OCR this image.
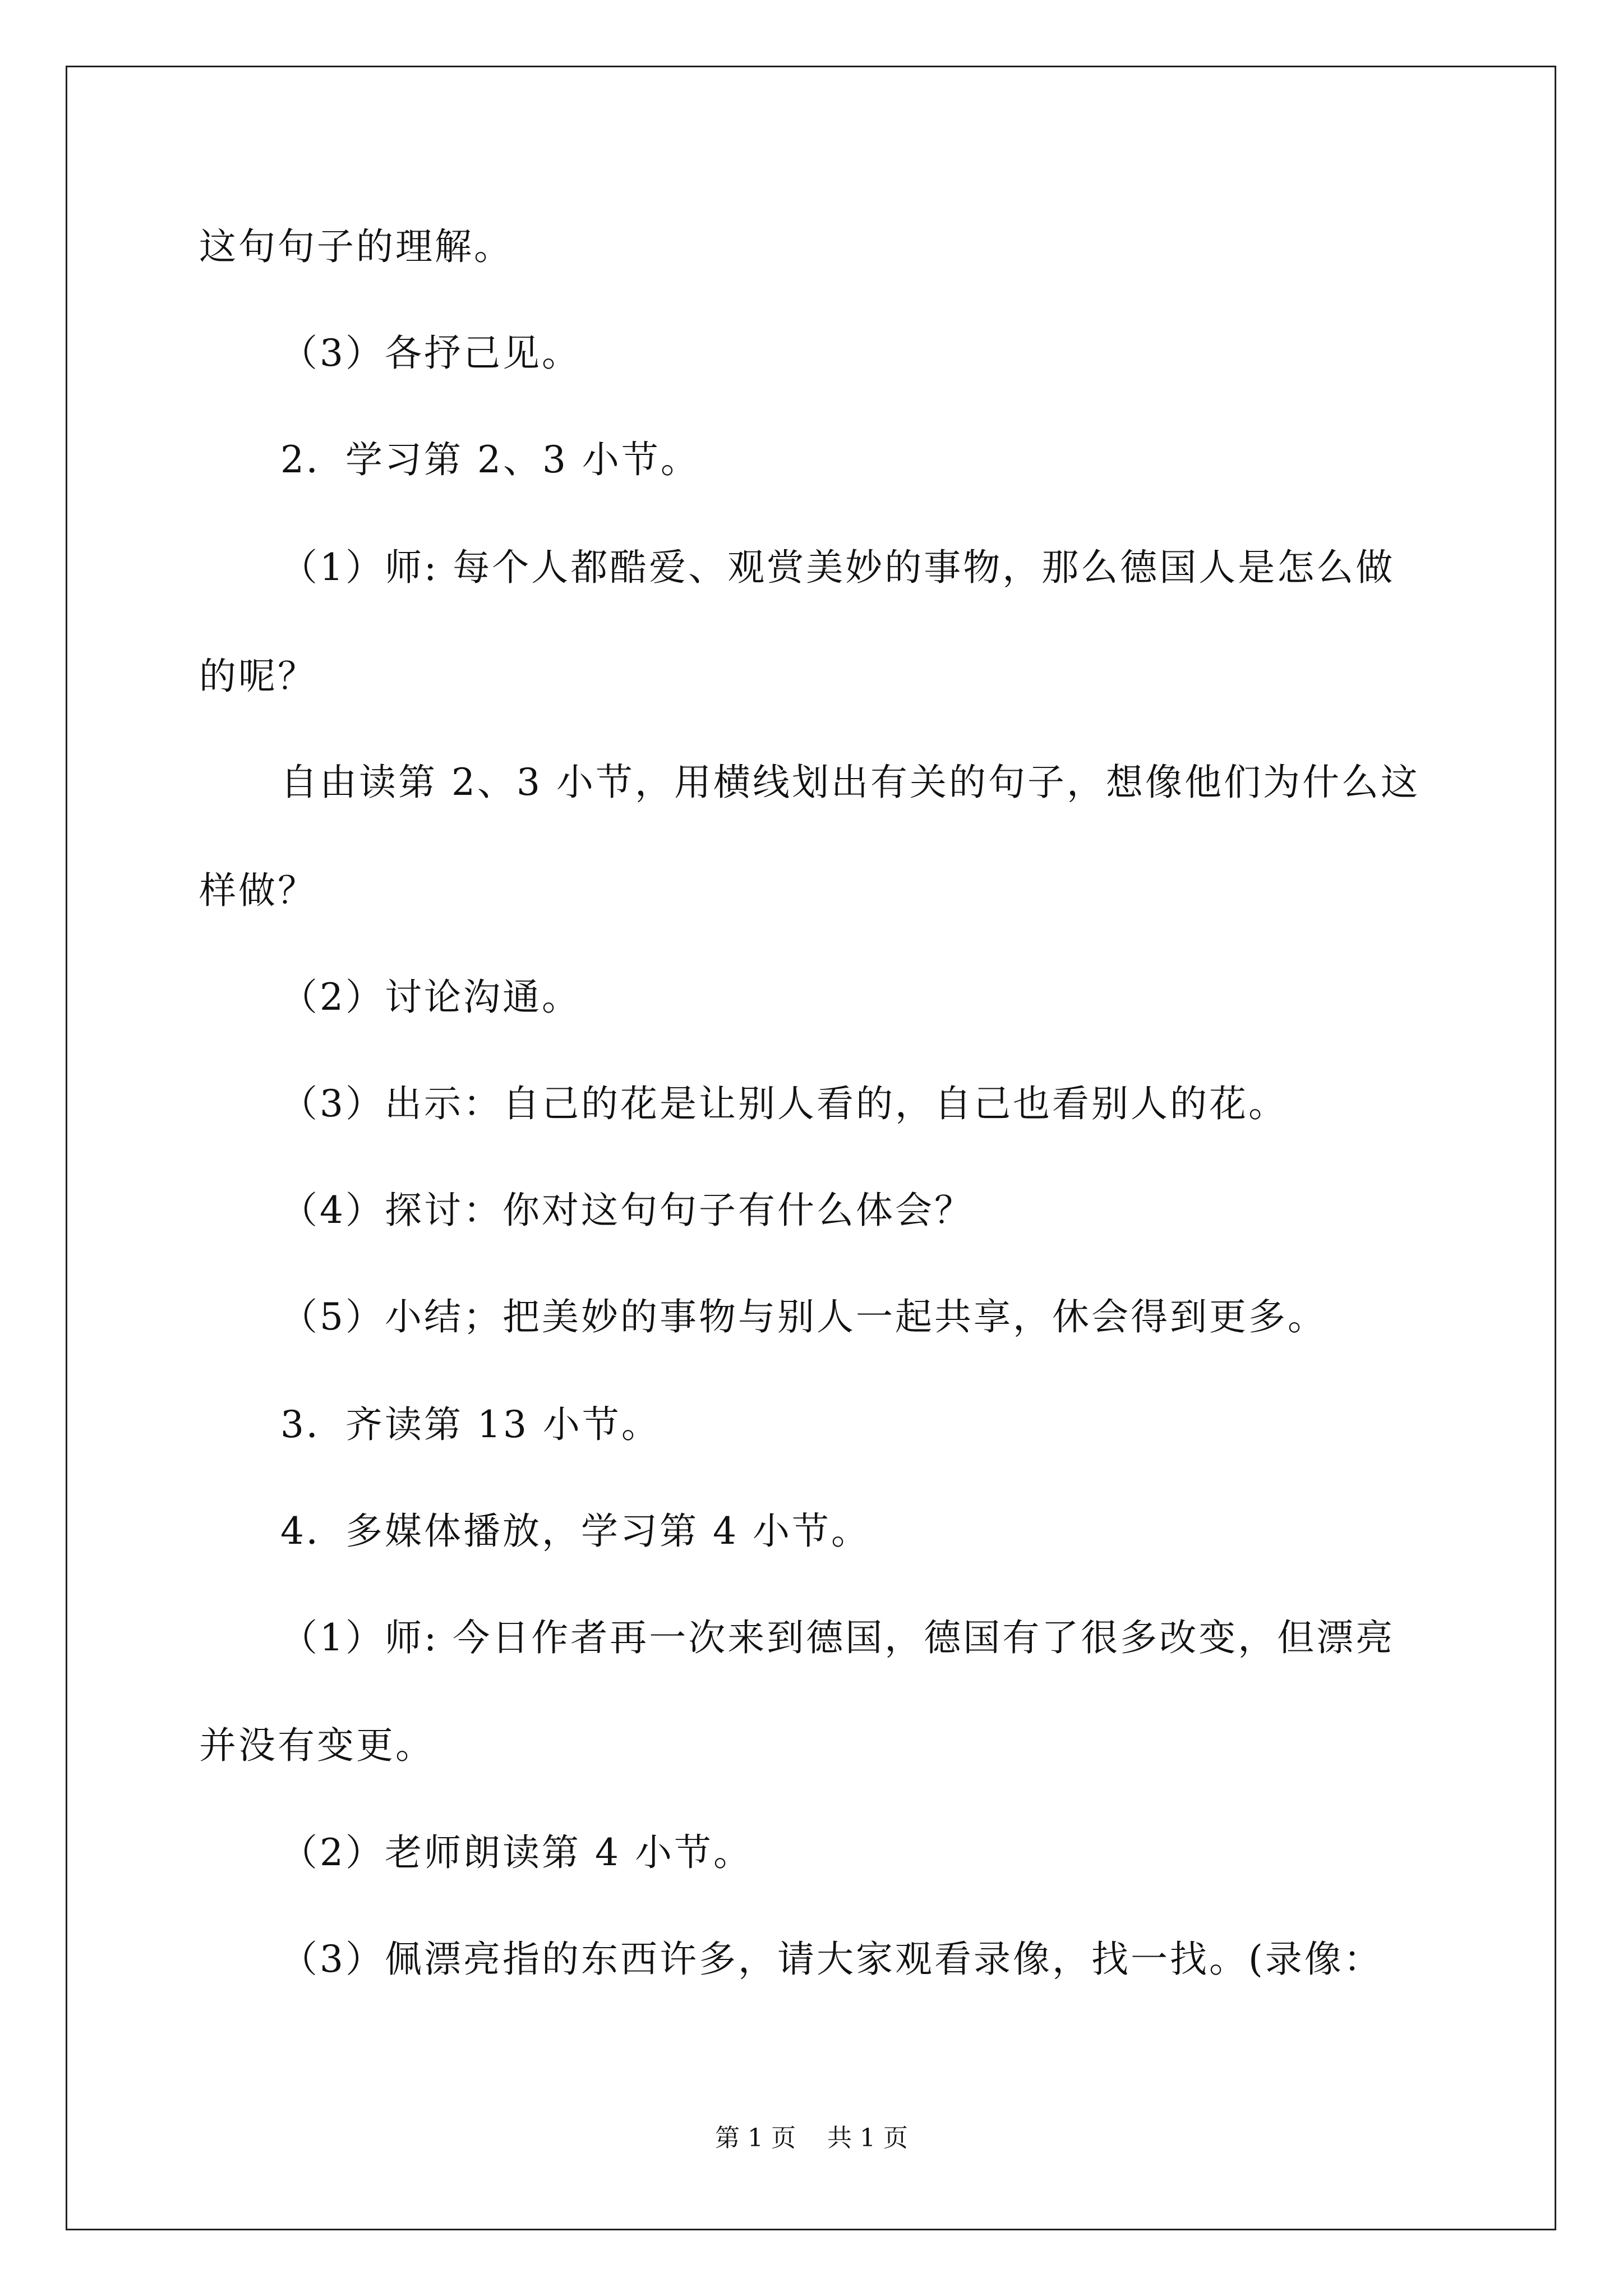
这句句子的理解。
（3）各抒己见。
2．学习第 2、3 小节。
（1）师: 每个人都酷爱、观赏美妙的事物，那么德国人是怎么做
的呢？
自由读第 2、3 小节，用横线划出有关的句子，想像他们为什么这
样做？
（2）讨论沟通。
（3）出示：自己的花是让别人看的，自己也看别人的花。
（4）探讨：你对这句句子有什么体会？
（5）小结；把美妙的事物与别人一起共享，休会得到更多。
3．齐读第 13 小节。
4．多媒体播放，学习第 4 小节。
（1）师: 今日作者再一次来到德国，德国有了很多改变，但漂亮
并没有变更。
（2）老师朗读第 4 小节。
（3）佩漂亮指的东西许多，请大家观看录像，找一找。(录像：
第 1 页    共 1 页
